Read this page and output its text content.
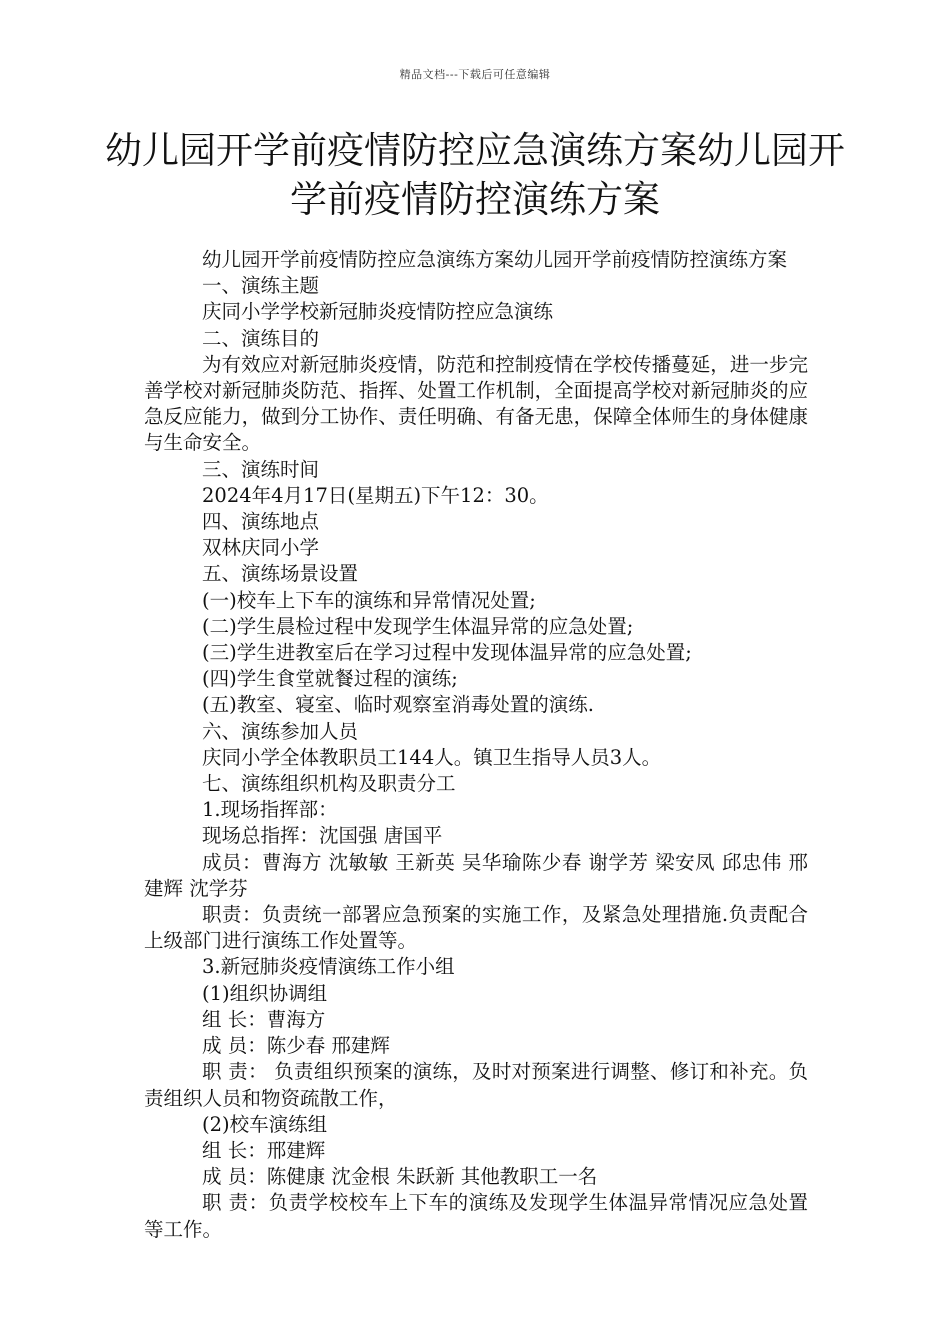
精品文档---下载后可任意编辑
幼儿园开学前疫情防控应急演练方案幼儿园开学前疫情防控演练方案

幼儿园开学前疫情防控应急演练方案幼儿园开学前疫情防控演练方案

一、演练主题

庆同小学学校新冠肺炎疫情防控应急演练

二、演练目的

为有效应对新冠肺炎疫情，防范和控制疫情在学校传播蔓延，进一步完善学校对新冠肺炎防范、指挥、处置工作机制，全面提高学校对新冠肺炎的应急反应能力，做到分工协作、责任明确、有备无患，保障全体师生的身体健康与生命安全。

三、演练时间

2024年4月17日(星期五)下午12：30。

四、演练地点

双林庆同小学

五、演练场景设置

(一)校车上下车的演练和异常情况处置;

(二)学生晨检过程中发现学生体温异常的应急处置;

(三)学生进教室后在学习过程中发现体温异常的应急处置;

(四)学生食堂就餐过程的演练;

(五)教室、寝室、临时观察室消毒处置的演练.

六、演练参加人员

庆同小学全体教职员工144人。镇卫生指导人员3人。

七、演练组织机构及职责分工

1.现场指挥部：

现场总指挥：沈国强 唐国平

成员：曹海方 沈敏敏 王新英 吴华瑜陈少春 谢学芳 梁安凤 邱忠伟 邢建辉 沈学芬

职责：负责统一部署应急预案的实施工作，及紧急处理措施.负责配合上级部门进行演练工作处置等。

3.新冠肺炎疫情演练工作小组

(1)组织协调组

组 长：曹海方

成 员：陈少春 邢建辉

职 责： 负责组织预案的演练，及时对预案进行调整、修订和补充。负责组织人员和物资疏散工作，

(2)校车演练组

组 长：邢建辉

成 员：陈健康 沈金根 朱跃新 其他教职工一名

职 责：负责学校校车上下车的演练及发现学生体温异常情况应急处置等工作。
